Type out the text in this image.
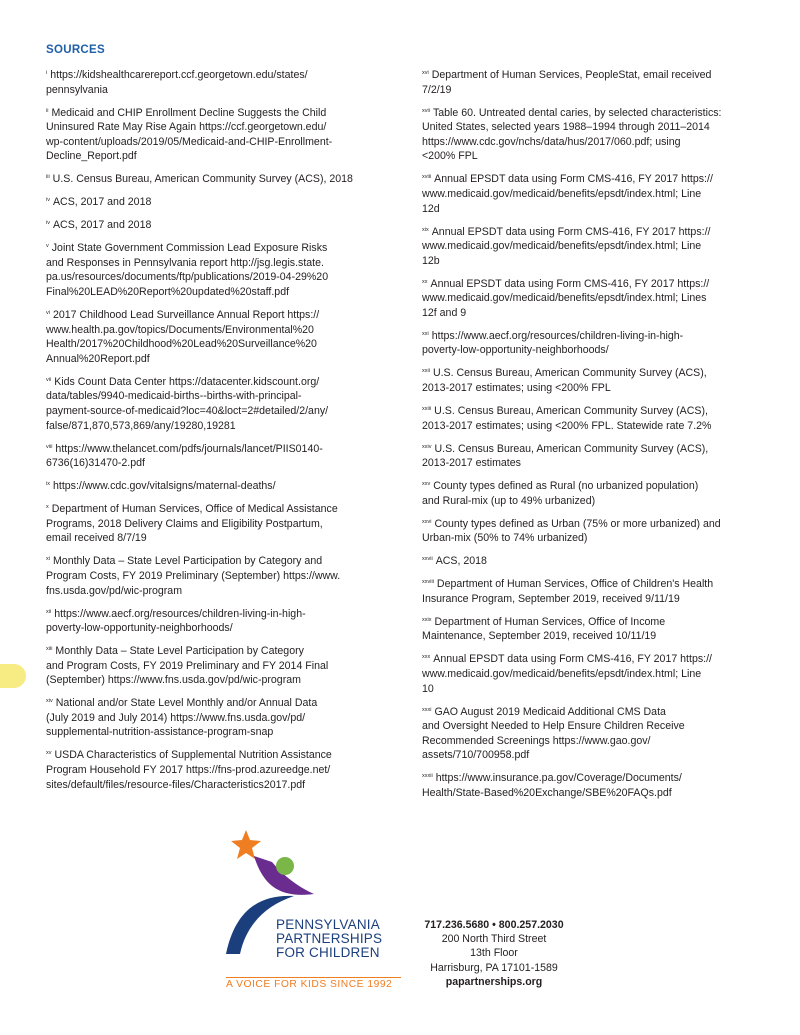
SOURCES

$^i$ https://kidshealthcarereport.ccf.georgetown.edu/states/
pennsylvania

$^{ii}$ Medicaid and CHIP Enrollment Decline Suggests the Child
Uninsured Rate May Rise Again https://ccf.georgetown.edu/
wp-content/uploads/2019/05/Medicaid-and-CHIP-Enrollment-
Decline_Report.pdf

$^{iii}$ U.S. Census Bureau, American Community Survey (ACS), 2018

$^{iv}$ ACS, 2017 and 2018

$^{iv}$ ACS, 2017 and 2018

$^v$ Joint State Government Commission Lead Exposure Risks
and Responses in Pennsylvania report http://jsg.legis.state.
pa.us/resources/documents/ftp/publications/2019-04-29%20
Final%20LEAD%20Report%20updated%20staff.pdf

$^{vi}$ 2017 Childhood Lead Surveillance Annual Report https://
www.health.pa.gov/topics/Documents/Environmental%20
Health/2017%20Childhood%20Lead%20Surveillance%20
Annual%20Report.pdf

$^{vii}$ Kids Count Data Center https://datacenter.kidscount.org/
data/tables/9940-medicaid-births--births-with-principal-
payment-source-of-medicaid?loc=40&loct=2#detailed/2/any/
false/871,870,573,869/any/19280,19281

$^{viii}$ https://www.thelancet.com/pdfs/journals/lancet/PIIS0140-
6736(16)31470-2.pdf

$^{ix}$ https://www.cdc.gov/vitalsigns/maternal-deaths/

$^x$ Department of Human Services, Office of Medical Assistance
Programs, 2018 Delivery Claims and Eligibility Postpartum,
email received 8/7/19

$^{xi}$ Monthly Data – State Level Participation by Category and
Program Costs, FY 2019 Preliminary (September) https://www.
fns.usda.gov/pd/wic-program

$^{xii}$ https://www.aecf.org/resources/children-living-in-high-
poverty-low-opportunity-neighborhoods/

$^{xiii}$ Monthly Data – State Level Participation by Category
and Program Costs, FY 2019 Preliminary and FY 2014 Final
(September) https://www.fns.usda.gov/pd/wic-program

$^{xiv}$ National and/or State Level Monthly and/or Annual Data
(July 2019 and July 2014) https://www.fns.usda.gov/pd/
supplemental-nutrition-assistance-program-snap

$^{xv}$ USDA Characteristics of Supplemental Nutrition Assistance
Program Household FY 2017 https://fns-prod.azureedge.net/
sites/default/files/resource-files/Characteristics2017.pdf

$^{xvi}$ Department of Human Services, PeopleStat, email received
7/2/19

$^{xvii}$ Table 60. Untreated dental caries, by selected characteristics:
United States, selected years 1988–1994 through 2011–2014
https://www.cdc.gov/nchs/data/hus/2017/060.pdf; using
<200% FPL

$^{xviii}$ Annual EPSDT data using Form CMS-416, FY 2017 https://
www.medicaid.gov/medicaid/benefits/epsdt/index.html; Line
12d

$^{xix}$ Annual EPSDT data using Form CMS-416, FY 2017 https://
www.medicaid.gov/medicaid/benefits/epsdt/index.html; Line
12b

$^{xx}$ Annual EPSDT data using Form CMS-416, FY 2017 https://
www.medicaid.gov/medicaid/benefits/epsdt/index.html; Lines
12f and 9

$^{xxi}$ https://www.aecf.org/resources/children-living-in-high-
poverty-low-opportunity-neighborhoods/

$^{xxii}$ U.S. Census Bureau, American Community Survey (ACS),
2013-2017 estimates; using <200% FPL

$^{xxiii}$ U.S. Census Bureau, American Community Survey (ACS),
2013-2017 estimates; using <200% FPL. Statewide rate 7.2%

$^{xxiv}$ U.S. Census Bureau, American Community Survey (ACS),
2013-2017 estimates

$^{xxv}$ County types defined as Rural (no urbanized population)
and Rural-mix (up to 49% urbanized)

$^{xxvi}$ County types defined as Urban (75% or more urbanized) and
Urban-mix (50% to 74% urbanized)

$^{xxvii}$ ACS, 2018

$^{xxviii}$ Department of Human Services, Office of Children's Health
Insurance Program, September 2019, received 9/11/19

$^{xxix}$ Department of Human Services, Office of Income
Maintenance, September 2019, received 10/11/19

$^{xxx}$ Annual EPSDT data using Form CMS-416, FY 2017 https://
www.medicaid.gov/medicaid/benefits/epsdt/index.html; Line
10

$^{xxxi}$ GAO August 2019 Medicaid Additional CMS Data
and Oversight Needed to Help Ensure Children Receive
Recommended Screenings https://www.gao.gov/
assets/710/700958.pdf

$^{xxxii}$ https://www.insurance.pa.gov/Coverage/Documents/
Health/State-Based%20Exchange/SBE%20FAQs.pdf

PENNSYLVANIA
PARTNERSHIPS
FOR CHILDREN
A VOICE FOR KIDS SINCE 1992
717.236.5680 • 800.257.2030
200 North Third Street
13th Floor
Harrisburg, PA 17101-1589
papartnerships.org
